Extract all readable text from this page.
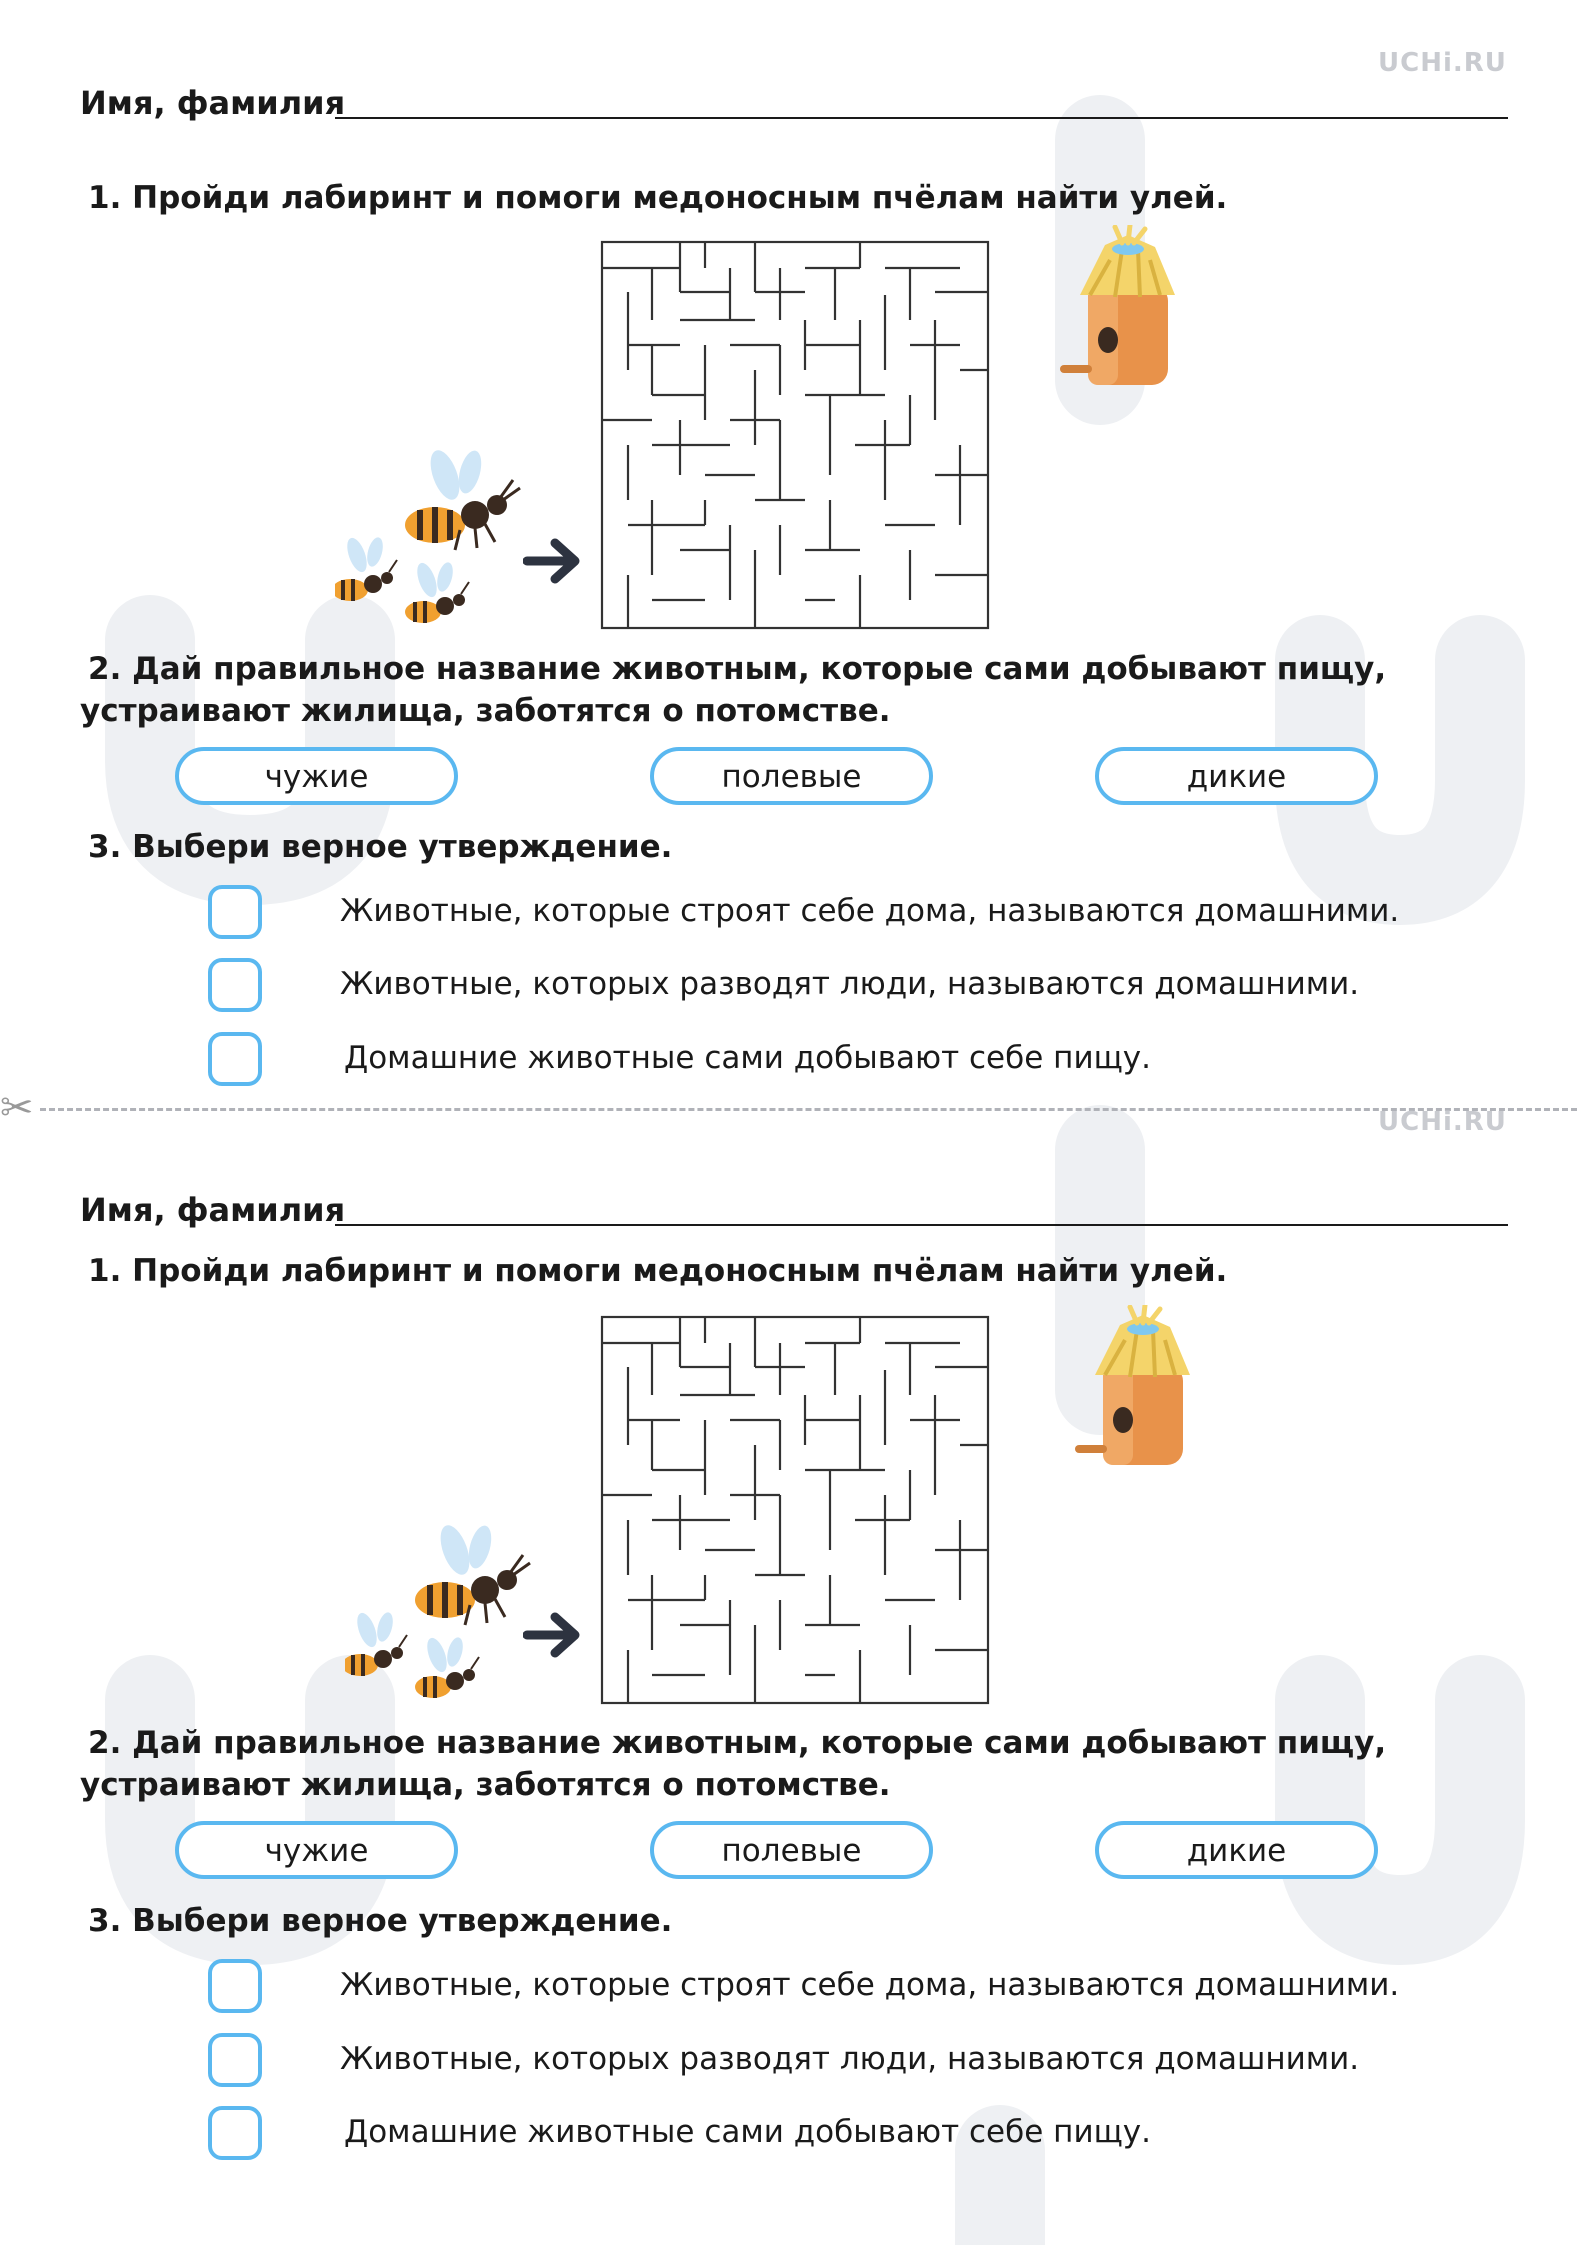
UCHi.RU
Имя, фамилия
1. Пройди лабиринт и помоги медоносным пчёлам найти улей.
2. Дай правильное название животным, которые сами добывают пищу,
устраивают жилища, заботятся о потомстве.
чужие	полевые	дикие
3. Выбери верное утверждение.
Животные, которые строят себе дома, называются домашними.
Животные, которых разводят люди, называются домашними.
Домашние животные сами добывают себе пищу.
✂	UCHi.RU
Имя, фамилия
1. Пройди лабиринт и помоги медоносным пчёлам найти улей.
2. Дай правильное название животным, которые сами добывают пищу,
устраивают жилища, заботятся о потомстве.
чужие	полевые	дикие
3. Выбери верное утверждение.
Животные, которые строят себе дома, называются домашними.
Животные, которых разводят люди, называются домашними.
Домашние животные сами добывают себе пищу.
